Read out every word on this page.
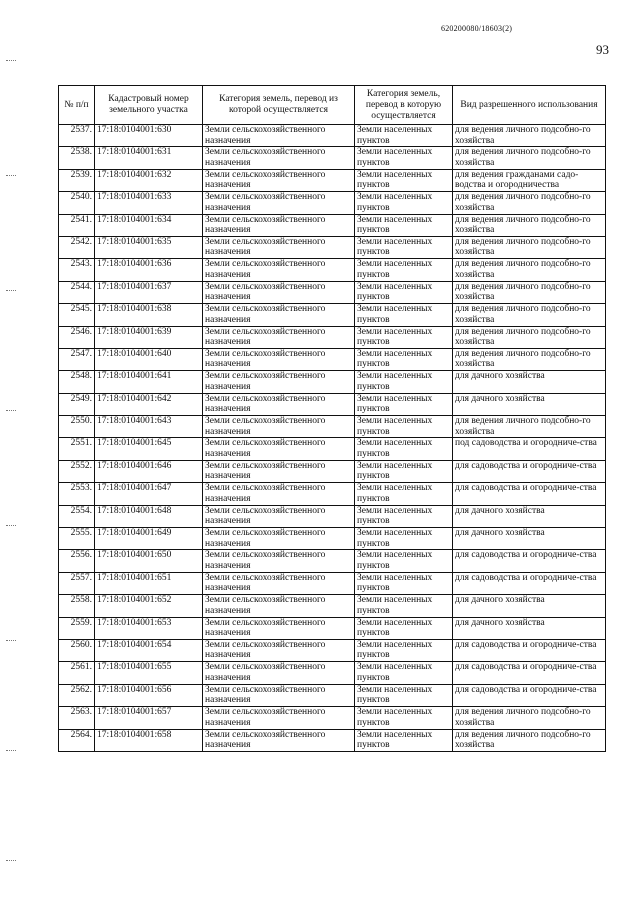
620200080/18603(2)
93
№ п/п	Кадастровый номер земельного участка	Категория земель, перевод из которой осуществляется	Категория земель, перевод в которую осуществляется	Вид разрешенного использования
2537.	17:18:0104001:630	Земли сельскохозяйственного назначения	Земли населенных пунктов	для ведения личного подсобно-го хозяйства
2538.	17:18:0104001:631	Земли сельскохозяйственного назначения	Земли населенных пунктов	для ведения личного подсобно-го хозяйства
2539.	17:18:0104001:632	Земли сельскохозяйственного назначения	Земли населенных пунктов	для ведения гражданами садо-водства и огородничества
2540.	17:18:0104001:633	Земли сельскохозяйственного назначения	Земли населенных пунктов	для ведения личного подсобно-го хозяйства
2541.	17:18:0104001:634	Земли сельскохозяйственного назначения	Земли населенных пунктов	для ведения личного подсобно-го хозяйства
2542.	17:18:0104001:635	Земли сельскохозяйственного назначения	Земли населенных пунктов	для ведения личного подсобно-го хозяйства
2543.	17:18:0104001:636	Земли сельскохозяйственного назначения	Земли населенных пунктов	для ведения личного подсобно-го хозяйства
2544.	17:18:0104001:637	Земли сельскохозяйственного назначения	Земли населенных пунктов	для ведения личного подсобно-го хозяйства
2545.	17:18:0104001:638	Земли сельскохозяйственного назначения	Земли населенных пунктов	для ведения личного подсобно-го хозяйства
2546.	17:18:0104001:639	Земли сельскохозяйственного назначения	Земли населенных пунктов	для ведения личного подсобно-го хозяйства
2547.	17:18:0104001:640	Земли сельскохозяйственного назначения	Земли населенных пунктов	для ведения личного подсобно-го хозяйства
2548.	17:18:0104001:641	Земли сельскохозяйственного назначения	Земли населенных пунктов	для дачного хозяйства
2549.	17:18:0104001:642	Земли сельскохозяйственного назначения	Земли населенных пунктов	для дачного хозяйства
2550.	17:18:0104001:643	Земли сельскохозяйственного назначения	Земли населенных пунктов	для ведения личного подсобно-го хозяйства
2551.	17:18:0104001:645	Земли сельскохозяйственного назначения	Земли населенных пунктов	под садоводства и огородниче-ства
2552.	17:18:0104001:646	Земли сельскохозяйственного назначения	Земли населенных пунктов	для садоводства и огородниче-ства
2553.	17:18:0104001:647	Земли сельскохозяйственного назначения	Земли населенных пунктов	для садоводства и огородниче-ства
2554.	17:18:0104001:648	Земли сельскохозяйственного назначения	Земли населенных пунктов	для дачного хозяйства
2555.	17:18:0104001:649	Земли сельскохозяйственного назначения	Земли населенных пунктов	для дачного хозяйства
2556.	17:18:0104001:650	Земли сельскохозяйственного назначения	Земли населенных пунктов	для садоводства и огородниче-ства
2557.	17:18:0104001:651	Земли сельскохозяйственного назначения	Земли населенных пунктов	для садоводства и огородниче-ства
2558.	17:18:0104001:652	Земли сельскохозяйственного назначения	Земли населенных пунктов	для дачного хозяйства
2559.	17:18:0104001:653	Земли сельскохозяйственного назначения	Земли населенных пунктов	для дачного хозяйства
2560.	17:18:0104001:654	Земли сельскохозяйственного назначения	Земли населенных пунктов	для садоводства и огородниче-ства
2561.	17:18:0104001:655	Земли сельскохозяйственного назначения	Земли населенных пунктов	для садоводства и огородниче-ства
2562.	17:18:0104001:656	Земли сельскохозяйственного назначения	Земли населенных пунктов	для садоводства и огородниче-ства
2563.	17:18:0104001:657	Земли сельскохозяйственного назначения	Земли населенных пунктов	для ведения личного подсобно-го хозяйства
2564.	17:18:0104001:658	Земли сельскохозяйственного назначения	Земли населенных пунктов	для ведения личного подсобно-го хозяйства
